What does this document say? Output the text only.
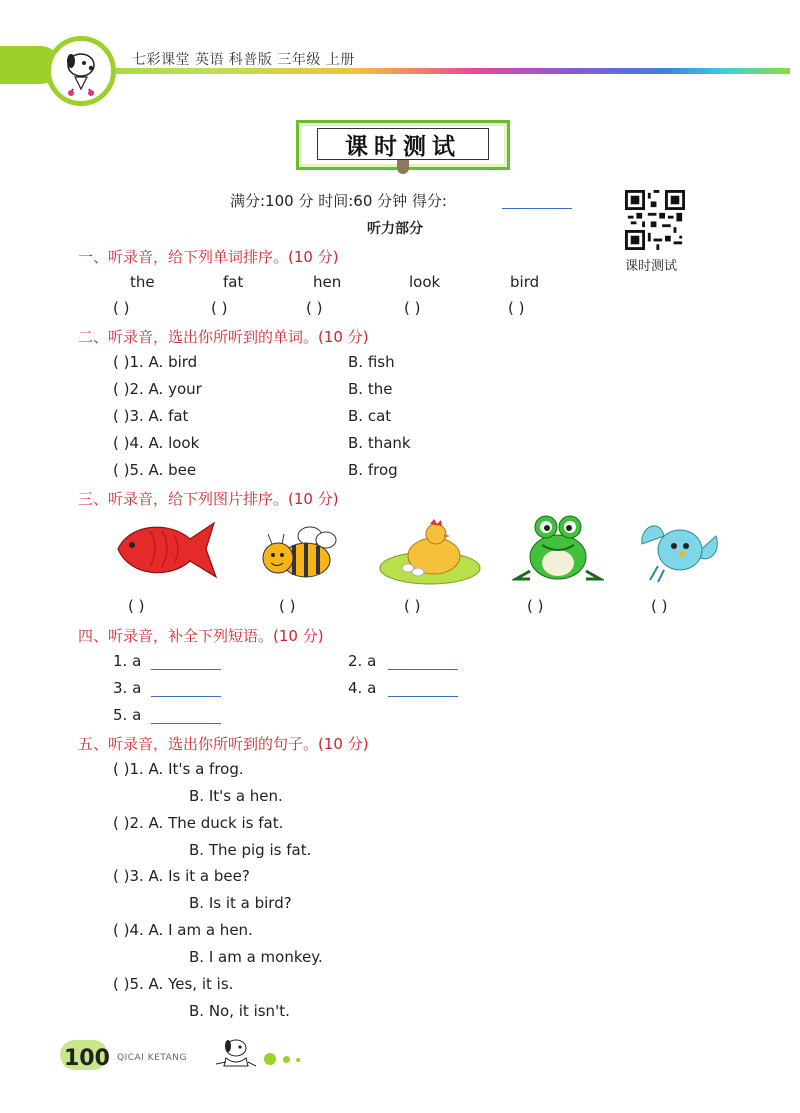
七彩课堂 英语 科普版 三年级 上册
课时测试
满分:100 分 时间:60 分钟 得分:
听力部分
课时测试
一、听录音，给下列单词排序。(10 分)
the	fat	hen	look	bird
( )	( )	( )	( )	( )
二、听录音，选出你所听到的单词。(10 分)
( )1. A. bird	B. fish
( )2. A. your	B. the
( )3. A. fat	B. cat
( )4. A. look	B. thank
( )5. A. bee	B. frog
三、听录音，给下列图片排序。(10 分)
( )	( )	( )	( )	( )
四、听录音，补全下列短语。(10 分)
1. a	2. a
3. a	4. a
5. a
五、听录音，选出你所听到的句子。(10 分)
( )1. A. It's a frog.
B. It's a hen.
( )2. A. The duck is fat.
B. The pig is fat.
( )3. A. Is it a bee?
B. Is it a bird?
( )4. A. I am a hen.
B. I am a monkey.
( )5. A. Yes, it is.
B. No, it isn't.
100 QICAI KETANG
